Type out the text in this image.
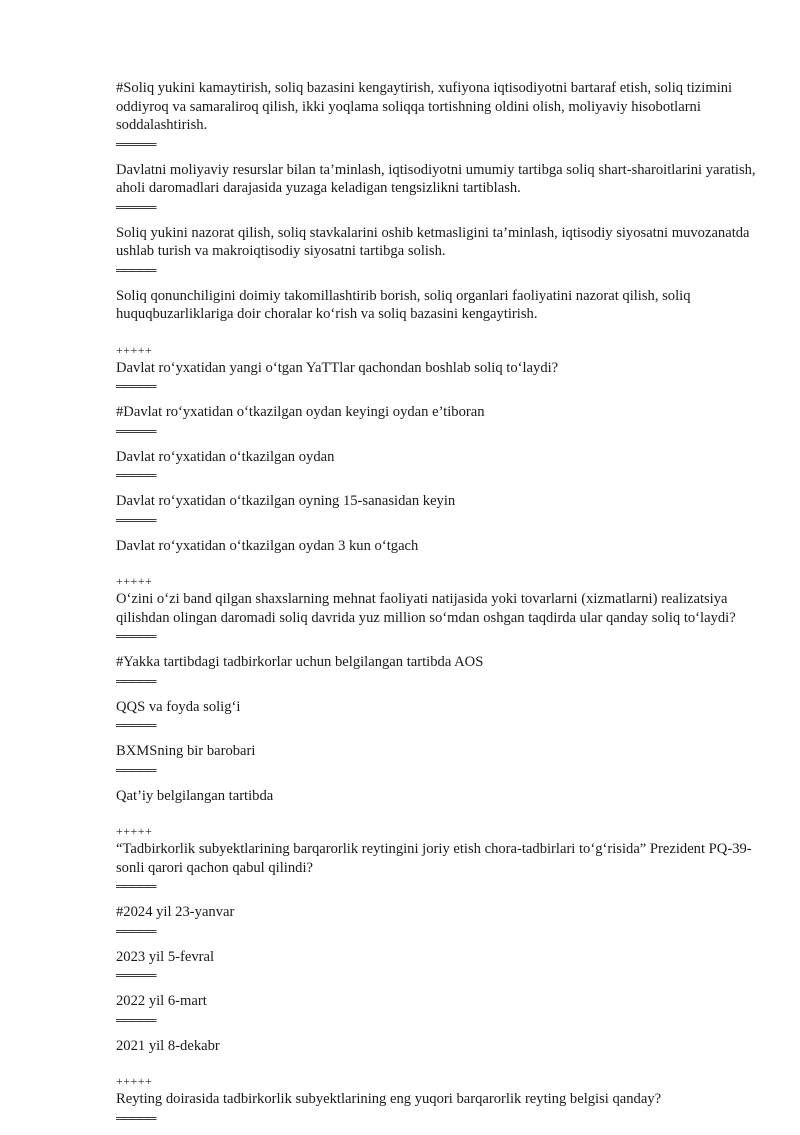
#Soliq yukini kamaytirish, soliq bazasini kengaytirish, xufiyona iqtisodiyotni bartaraf etish, soliq tizimini oddiyroq va samaraliroq qilish, ikki yoqlama soliqqa tortishning oldini olish, moliyaviy hisobotlarni soddalashtirish.

═════

Davlatni moliyaviy resurslar bilan ta’minlash, iqtisodiyotni umumiy tartibga soliq shart-sharoitlarini yaratish, aholi daromadlari darajasida yuzaga keladigan tengsizlikni tartiblash.

═════

Soliq yukini nazorat qilish, soliq stavkalarini oshib ketmasligini ta’minlash, iqtisodiy siyosatni muvozanatda ushlab turish va makroiqtisodiy siyosatni tartibga solish.

═════

Soliq qonunchiligini doimiy takomillashtirib borish, soliq organlari faoliyatini nazorat qilish, soliq huquqbuzarliklariga doir choralar ko‘rish va soliq bazasini kengaytirish.

+++++

Davlat ro‘yxatidan yangi o‘tgan YaTTlar qachondan boshlab soliq to‘laydi?

═════

#Davlat ro‘yxatidan o‘tkazilgan oydan keyingi oydan e’tiboran

═════

Davlat ro‘yxatidan o‘tkazilgan oydan

═════

Davlat ro‘yxatidan o‘tkazilgan oyning 15-sanasidan keyin

═════

Davlat ro‘yxatidan o‘tkazilgan oydan 3 kun o‘tgach

+++++

O‘zini o‘zi band qilgan shaxslarning mehnat faoliyati natijasida yoki tovarlarni (xizmatlarni) realizatsiya qilishdan olingan daromadi soliq davrida yuz million so‘mdan oshgan taqdirda ular qanday soliq to‘laydi?

═════

#Yakka tartibdagi tadbirkorlar uchun belgilangan tartibda AOS

═════

QQS va foyda solig‘i

═════

BXMSning bir barobari

═════

Qat’iy belgilangan tartibda

+++++

“Tadbirkorlik subyektlarining barqarorlik reytingini joriy etish chora-tadbirlari to‘g‘risida” Prezident PQ-39-sonli qarori qachon qabul qilindi?

═════

#2024 yil 23-yanvar

═════

2023 yil 5-fevral

═════

2022 yil 6-mart

═════

2021 yil 8-dekabr

+++++

Reyting doirasida tadbirkorlik subyektlarining eng yuqori barqarorlik reyting belgisi qanday?

═════
